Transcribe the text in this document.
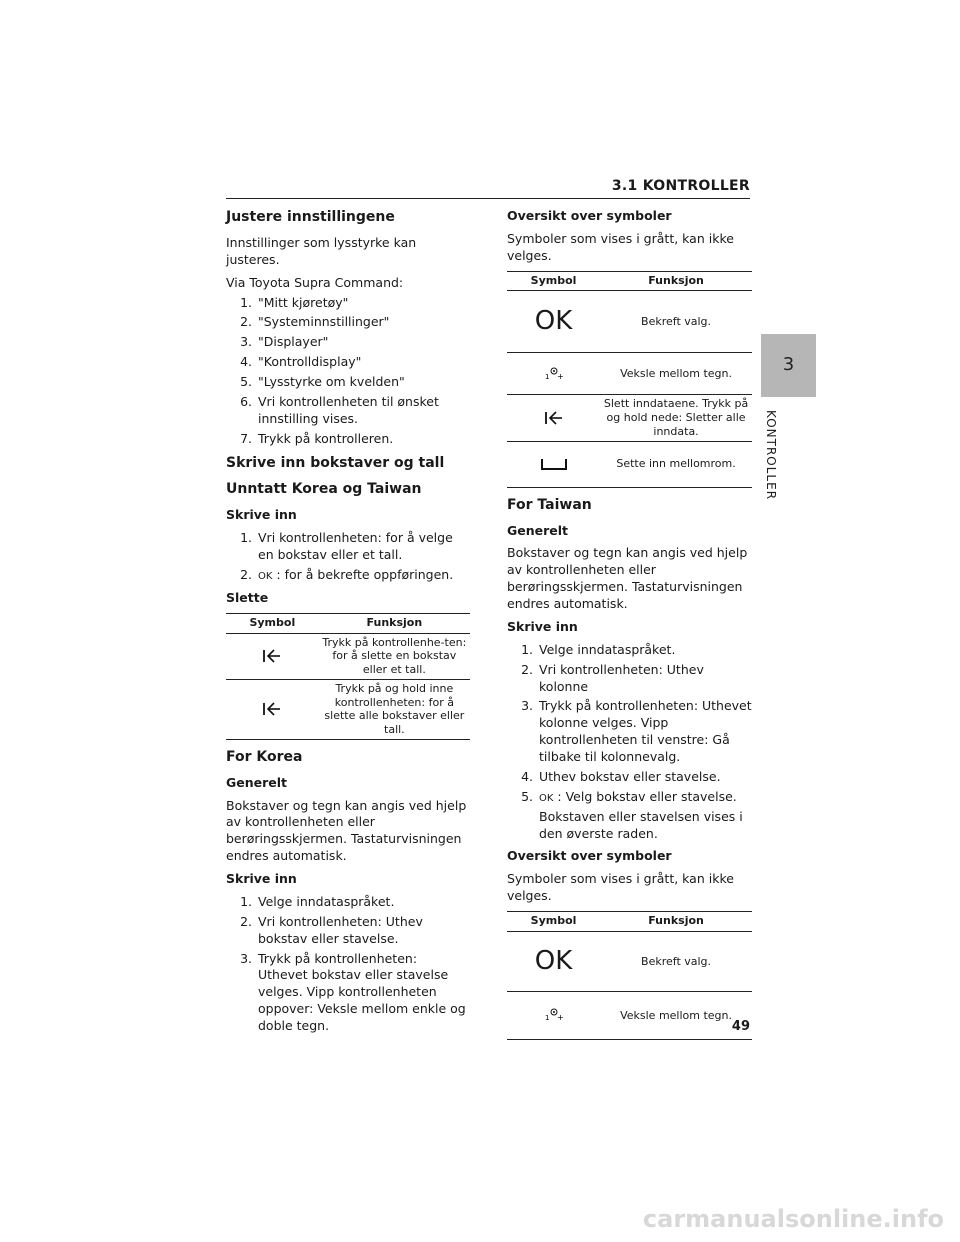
3.1 KONTROLLER
3
KONTROLLER
Justere innstillingene

Innstillinger som lysstyrke kan justeres.

Via Toyota Supra Command:

1. "Mitt kjøretøy"
2. "Systeminnstillinger"
3. "Displayer"
4. "Kontrolldisplay"
5. "Lysstyrke om kvelden"
6. Vri kontrollenheten til ønsket innstilling vises.
7. Trykk på kontrolleren.
Skrive inn bokstaver og tall
Unntatt Korea og Taiwan
Skrive inn
1. Vri kontrollenheten: for å velge en bokstav eller et tall.
2. OK : for å bekrefte oppføringen.
Slette
Symbol	Funksjon

	Trykk på kontrollenhe-ten: for å slette en bokstav eller et tall.

	Trykk på og hold inne kontrollenheten: for å slette alle bokstaver eller tall.
For Korea
Generelt

Bokstaver og tegn kan angis ved hjelp av kontrollenheten eller berøringsskjermen. Tastaturvisningen endres automatisk.

Skrive inn
1. Velge inndataspråket.
2. Vri kontrollenheten: Uthev bokstav eller stavelse.
3. Trykk på kontrollenheten: Uthevet bokstav eller stavelse velges. Vipp kontrollenheten oppover: Veksle mellom enkle og doble tegn.
Oversikt over symboler

Symboler som vises i grått, kan ikke velges.

Symbol	Funksjon
OK	Bekreft valg.

1 +	Veksle mellom tegn.

	Slett inndataene. Trykk på og hold nede: Sletter alle inndata.

	Sette inn mellomrom.
For Taiwan
Generelt

Bokstaver og tegn kan angis ved hjelp av kontrollenheten eller berøringsskjermen. Tastaturvisningen endres automatisk.

Skrive inn
1. Velge inndataspråket.
2. Vri kontrollenheten: Uthev kolonne
3. Trykk på kontrollenheten: Uthevet kolonne velges. Vipp kontrollenheten til venstre: Gå tilbake til kolonnevalg.
4. Uthev bokstav eller stavelse.
5. OK : Velg bokstav eller stavelse.

Bokstaven eller stavelsen vises i den øverste raden.

Oversikt over symboler

Symboler som vises i grått, kan ikke velges.

Symbol	Funksjon
OK	Bekreft valg.

1 +	Veksle mellom tegn.
49
carmanualsonline.info
